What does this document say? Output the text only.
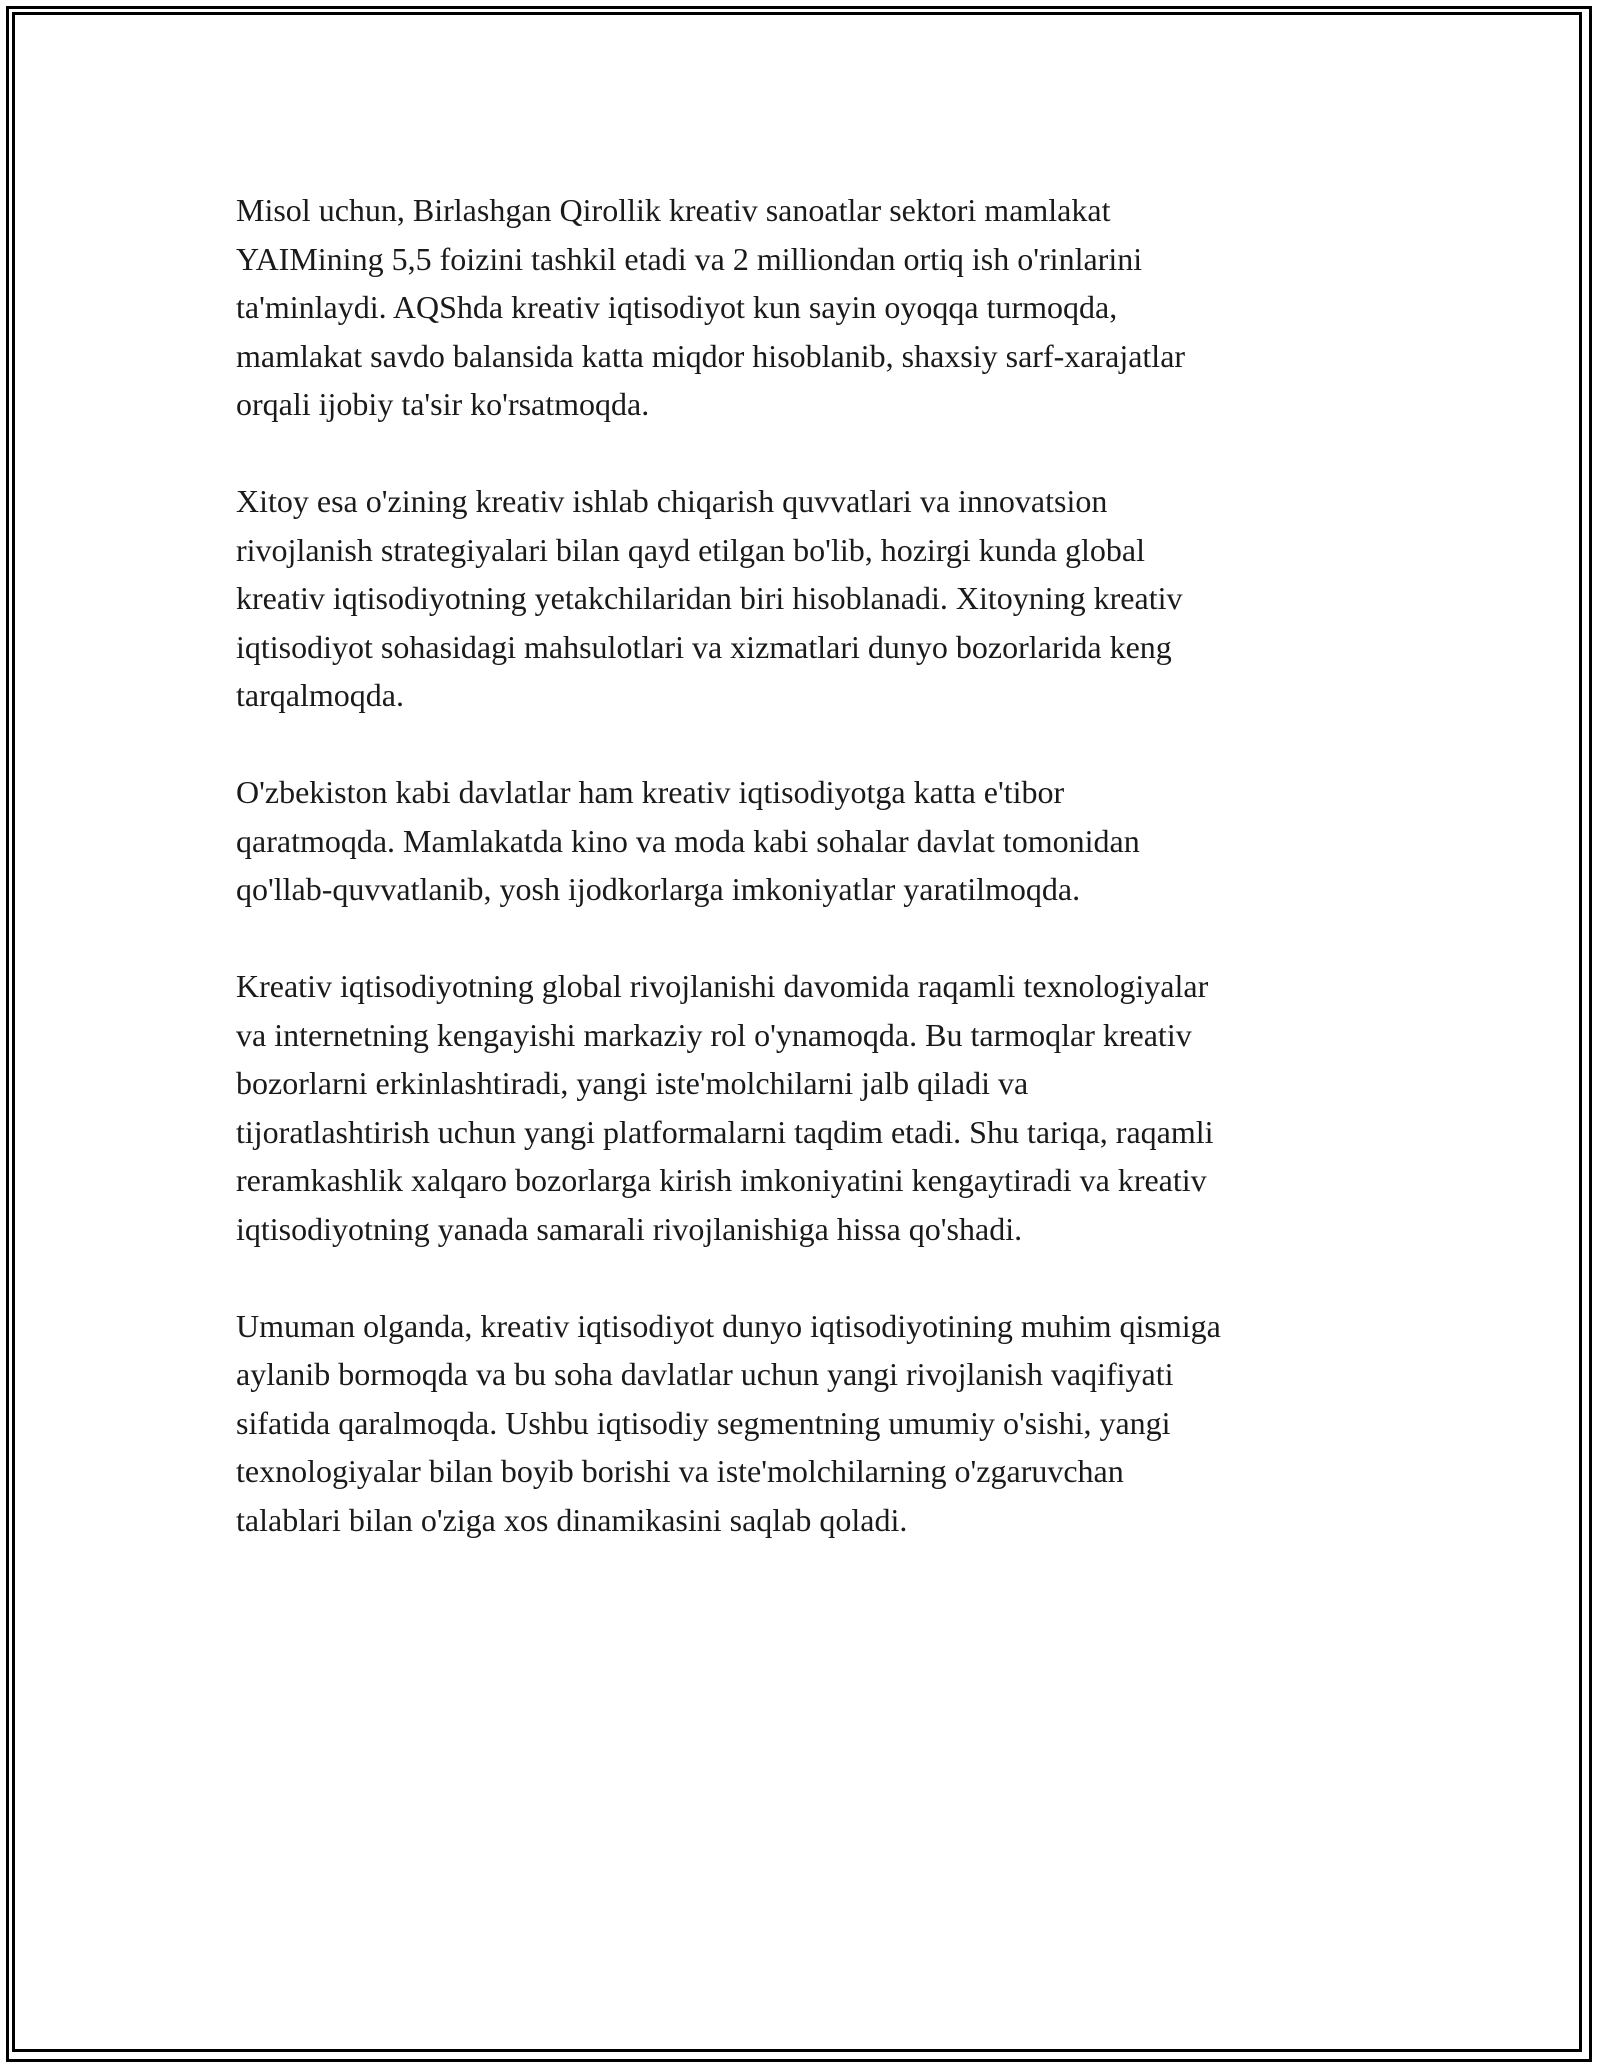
Misol uchun, Birlashgan Qirollik kreativ sanoatlar sektori mamlakat
YAIMining 5,5 foizini tashkil etadi va 2 milliondan ortiq ish o'rinlarini
ta'minlaydi. AQShda kreativ iqtisodiyot kun sayin oyoqqa turmoqda,
mamlakat savdo balansida katta miqdor hisoblanib, shaxsiy sarf-xarajatlar
orqali ijobiy ta'sir ko'rsatmoqda.

Xitoy esa o'zining kreativ ishlab chiqarish quvvatlari va innovatsion
rivojlanish strategiyalari bilan qayd etilgan bo'lib, hozirgi kunda global
kreativ iqtisodiyotning yetakchilaridan biri hisoblanadi. Xitoyning kreativ
iqtisodiyot sohasidagi mahsulotlari va xizmatlari dunyo bozorlarida keng
tarqalmoqda.

O'zbekiston kabi davlatlar ham kreativ iqtisodiyotga katta e'tibor
qaratmoqda. Mamlakatda kino va moda kabi sohalar davlat tomonidan
qo'llab-quvvatlanib, yosh ijodkorlarga imkoniyatlar yaratilmoqda.

Kreativ iqtisodiyotning global rivojlanishi davomida raqamli texnologiyalar
va internetning kengayishi markaziy rol o'ynamoqda. Bu tarmoqlar kreativ
bozorlarni erkinlashtiradi, yangi iste'molchilarni jalb qiladi va
tijoratlashtirish uchun yangi platformalarni taqdim etadi. Shu tariqa, raqamli
reramkashlik xalqaro bozorlarga kirish imkoniyatini kengaytiradi va kreativ
iqtisodiyotning yanada samarali rivojlanishiga hissa qo'shadi.

Umuman olganda, kreativ iqtisodiyot dunyo iqtisodiyotining muhim qismiga
aylanib bormoqda va bu soha davlatlar uchun yangi rivojlanish vaqifiyati
sifatida qaralmoqda. Ushbu iqtisodiy segmentning umumiy o'sishi, yangi
texnologiyalar bilan boyib borishi va iste'molchilarning o'zgaruvchan
talablari bilan o'ziga xos dinamikasini saqlab qoladi.
